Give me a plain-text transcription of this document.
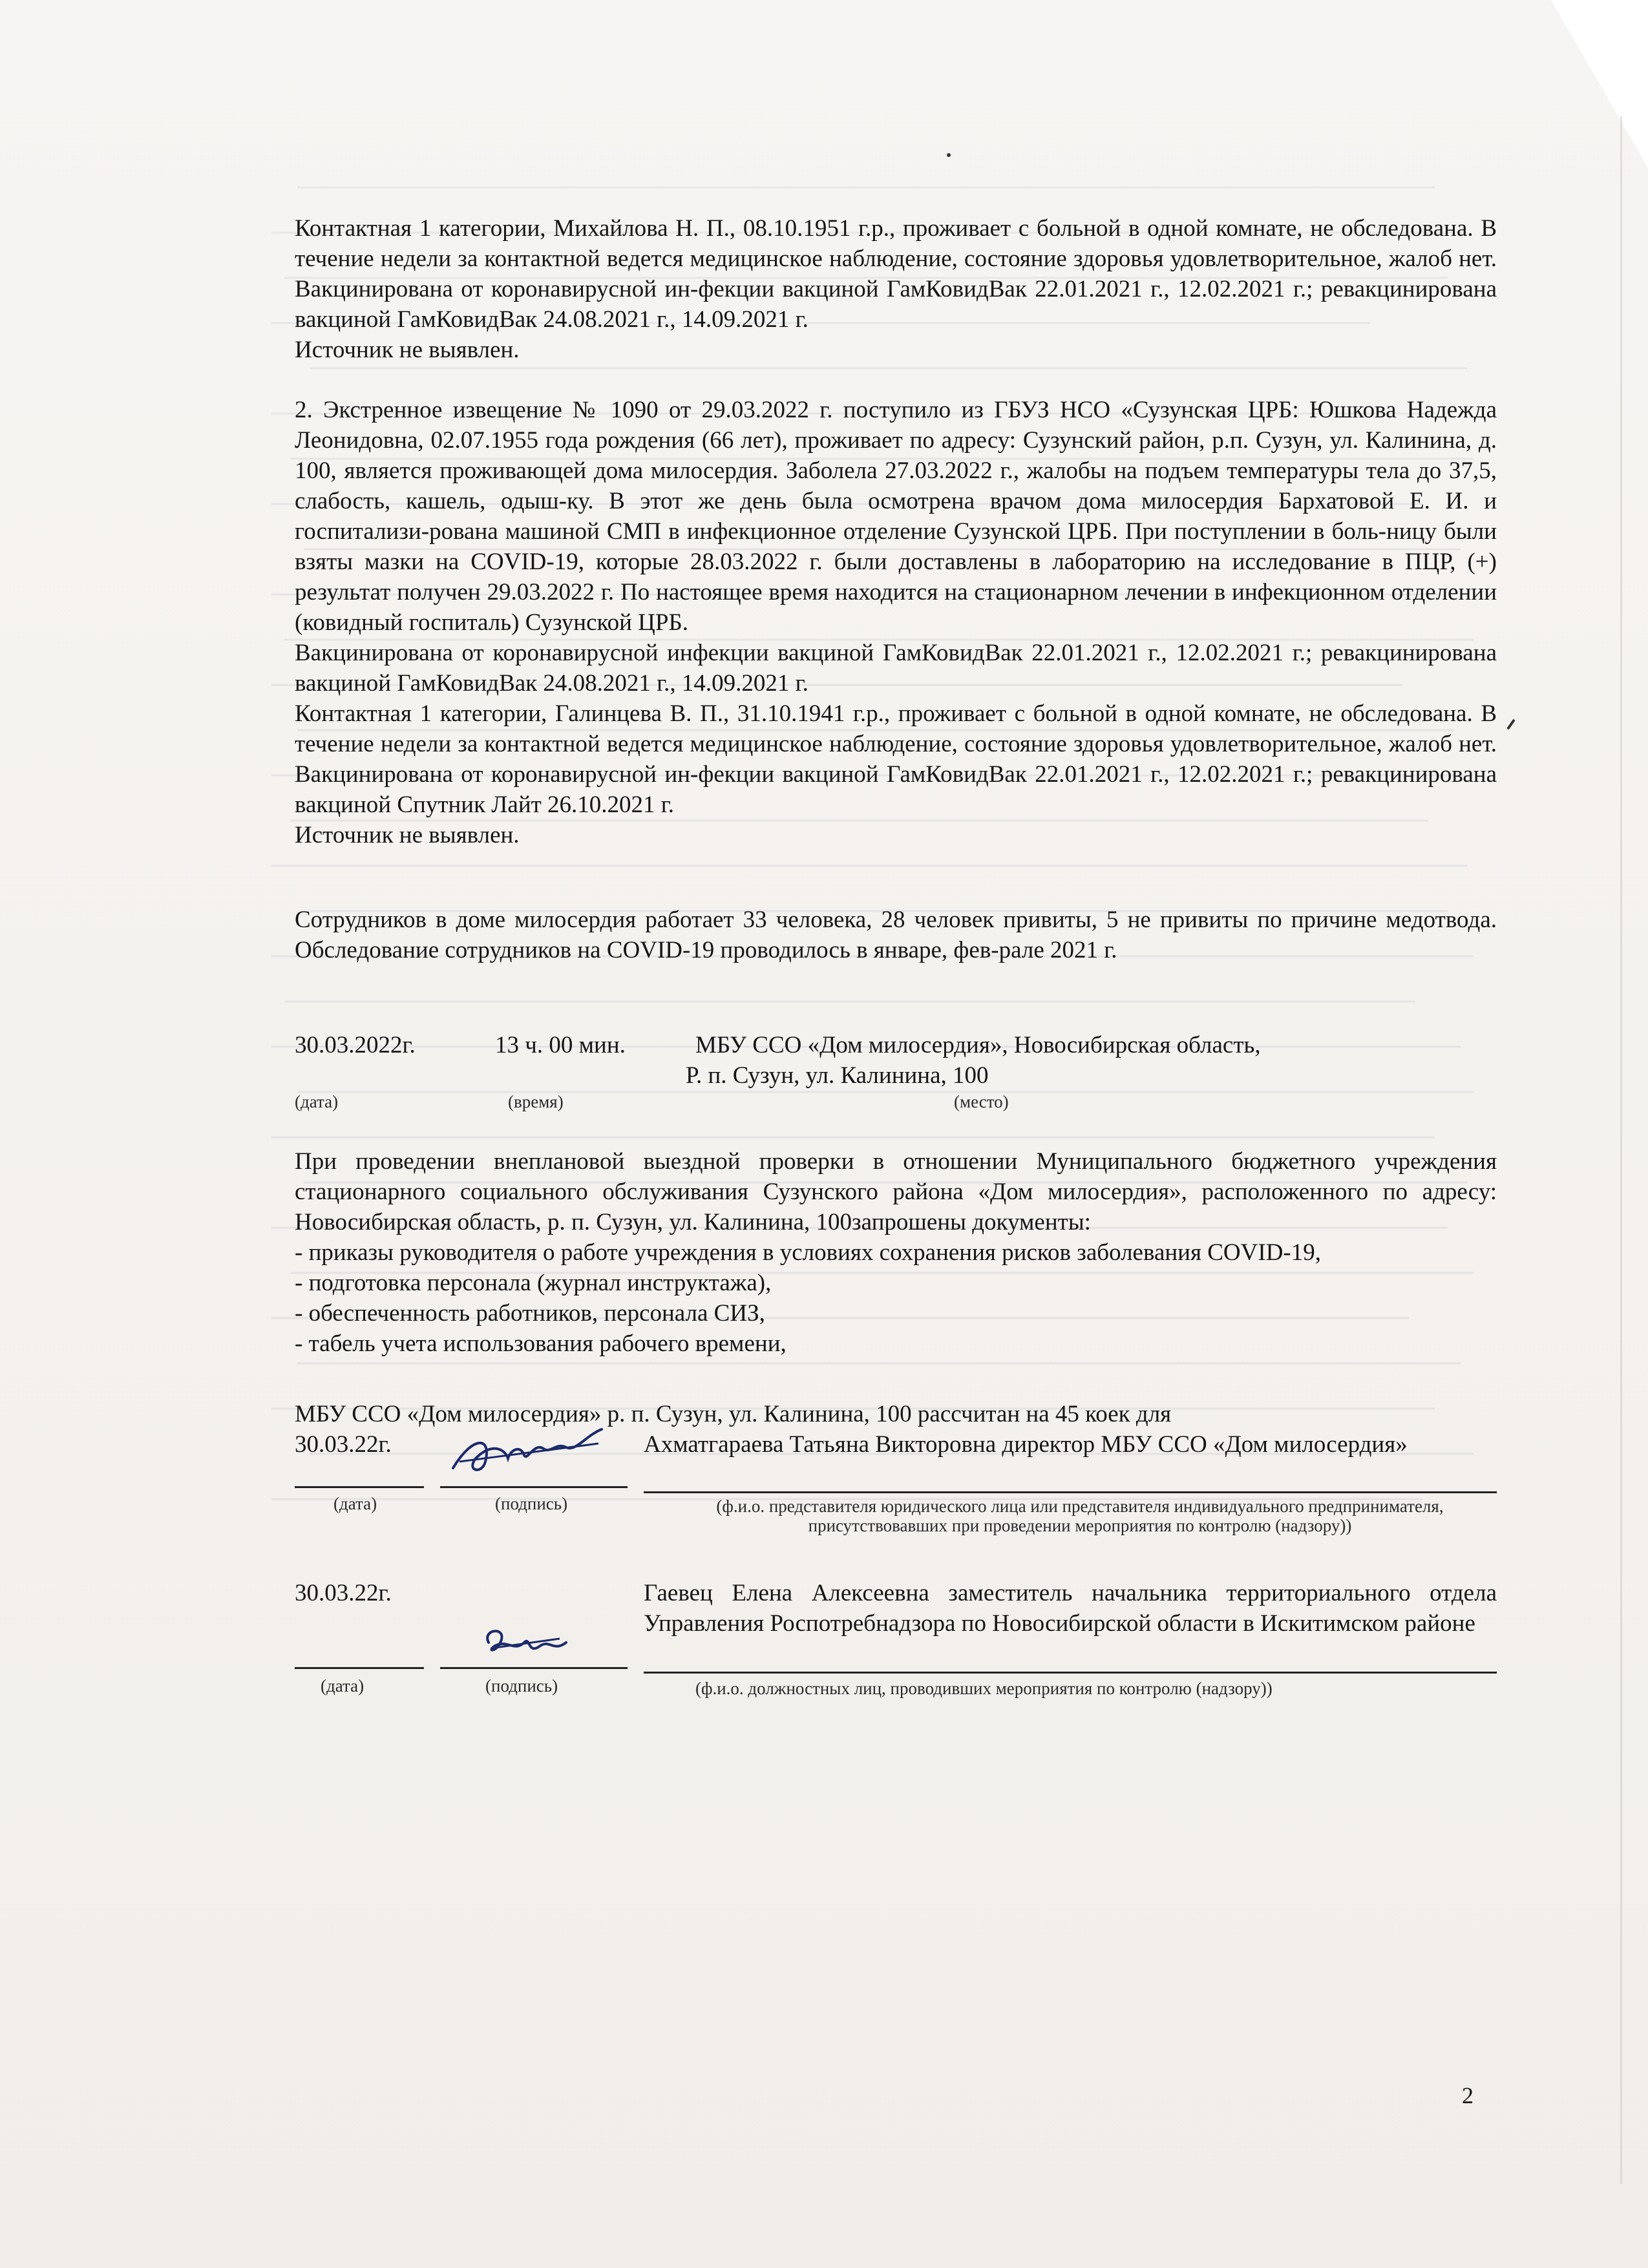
Контактная 1 категории, Михайлова Н. П., 08.10.1951 г.р., проживает с больной в одной комнате, не обследована. В течение недели за контактной ведется медицинское наблюдение, состояние здоровья удовлетворительное, жалоб нет. Вакцинирована от коронавирусной ин-фекции вакциной ГамКовидВак 22.01.2021 г., 12.02.2021 г.; ревакцинирована вакциной ГамКовидВак 24.08.2021 г., 14.09.2021 г.

Источник не выявлен.

2. Экстренное извещение № 1090 от 29.03.2022 г. поступило из ГБУЗ НСО «Сузунская ЦРБ: Юшкова Надежда Леонидовна, 02.07.1955 года рождения (66 лет), проживает по адресу: Сузунский район, р.п. Сузун, ул. Калинина, д. 100, является проживающей дома милосердия. Заболела 27.03.2022 г., жалобы на подъем температуры тела до 37,5, слабость, кашель, одыш-ку. В этот же день была осмотрена врачом дома милосердия Бархатовой Е. И. и госпитализи-рована машиной СМП в инфекционное отделение Сузунской ЦРБ. При поступлении в боль-ницу были взяты мазки на COVID-19, которые 28.03.2022 г. были доставлены в лабораторию на исследование в ПЦР, (+) результат получен 29.03.2022 г. По настоящее время находится на стационарном лечении в инфекционном отделении (ковидный госпиталь) Сузунской ЦРБ.

Вакцинирована от коронавирусной инфекции вакциной ГамКовидВак 22.01.2021 г., 12.02.2021 г.; ревакцинирована вакциной ГамКовидВак 24.08.2021 г., 14.09.2021 г.

Контактная 1 категории, Галинцева В. П., 31.10.1941 г.р., проживает с больной в одной комнате, не обследована. В течение недели за контактной ведется медицинское наблюдение, состояние здоровья удовлетворительное, жалоб нет. Вакцинирована от коронавирусной ин-фекции вакциной ГамКовидВак 22.01.2021 г., 12.02.2021 г.; ревакцинирована вакциной Спутник Лайт 26.10.2021 г.

Источник не выявлен.

Сотрудников в доме милосердия работает 33 человека, 28 человек привиты, 5 не привиты по причине медотвода. Обследование сотрудников на COVID-19 проводилось в январе, фев-рале 2021 г.

30.03.2022г.	13 ч. 00 мин.	МБУ ССО «Дом милосердия», Новосибирская область,
Р. п. Сузун, ул. Калинина, 100
(дата)	(время)	(место)

При проведении внеплановой выездной проверки в отношении Муниципального бюджетного учреждения стационарного социального обслуживания Сузунского района «Дом милосердия», расположенного по адресу: Новосибирская область, р. п. Сузун, ул. Калинина, 100запрошены документы:

- приказы руководителя о работе учреждения в условиях сохранения рисков заболевания COVID-19,

- подготовка персонала (журнал инструктажа),

- обеспеченность работников, персонала СИЗ,

- табель учета использования рабочего времени,

МБУ ССО «Дом милосердия» р. п. Сузун, ул. Калинина, 100 рассчитан на 45 коек для

30.03.22г.	Ахматгараева Татьяна Викторовна директор МБУ ССО «Дом милосердия»
(дата)	(подпись)	(ф.и.о. представителя юридического лица или представителя индивидуального предпринимателя, присутствовавших при проведении мероприятия по контролю (надзору))
30.03.22г.	Гаевец Елена Алексеевна заместитель начальника территориального отдела Управления Роспотребнадзора по Новосибирской области в Искитимском районе
(дата)	(подпись)	(ф.и.о. должностных лиц, проводивших мероприятия по контролю (надзору))
2
